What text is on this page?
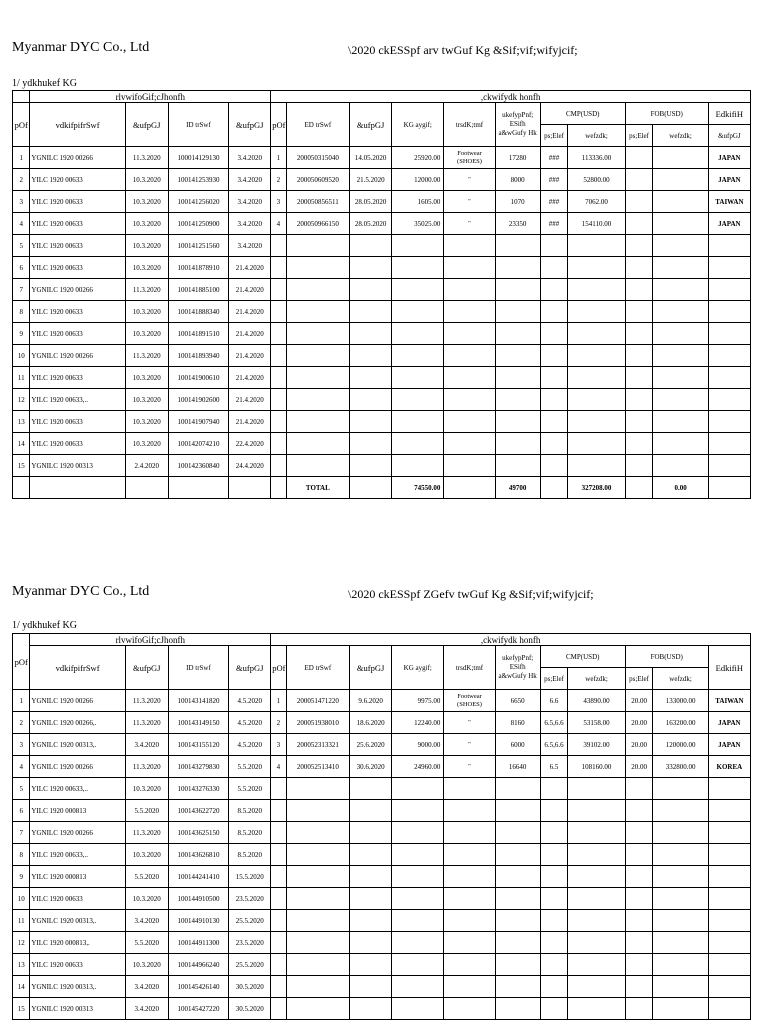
Myanmar DYC Co., Ltd	\2020 ckESSpf arv twGuf Kg &Sif;vif;wifyjcif;
1/ ydkhukef KG
	rlvwifoGif;cJhonfh				,ckwifydk honfh										
pOf	vdkifpifrSwf	&ufpGJ	ID trSwf	&ufpGJ	pOf	ED trSwf	&ufpGJ	KG aygif;	trsdK;tmf	ukefypPnf;
ESifh a&wGufy Hk	CMP(USD)		FOB(USD)		EdkifiH
											ps;Elef	wefzdk;	ps;Elef	wefzdk;	&ufpGJ
1	YGNILC 1920 00266	11.3.2020	100014129130	3.4.2020	1	200050315040	14.05.2020	25920.00	Footwear (SHOES)	17280	###	113336.00			JAPAN
2	YILC 1920 00633	10.3.2020	100141253930	3.4.2020	2	200050609520	21.5.2020	12000.00	"	8000	###	52800.00			JAPAN
3	YILC 1920 00633	10.3.2020	100141256020	3.4.2020	3	200050856511	28.05.2020	1605.00	"	1070	###	7062.00			TAIWAN
4	YILC 1920 00633	10.3.2020	100141250900	3.4.2020	4	200050966150	28.05.2020	35025.00	"	23350	###	154110.00			JAPAN
5	YILC 1920 00633	10.3.2020	100141251560	3.4.2020											
6	YILC 1920 00633	10.3.2020	100141878910	21.4.2020											
7	YGNILC 1920 00266	11.3.2020	100141885100	21.4.2020											
8	YILC 1920 00633	10.3.2020	100141888340	21.4.2020											
9	YILC 1920 00633	10.3.2020	100141891510	21.4.2020											
10	YGNILC 1920 00266	11.3.2020	100141893940	21.4.2020											
11	YILC 1920 00633	10.3.2020	100141900610	21.4.2020											
12	YILC 1920 00633,..	10.3.2020	100141902600	21.4.2020											
13	YILC 1920 00633	10.3.2020	100141907940	21.4.2020											
14	YILC 1920 00633	10.3.2020	100142074210	22.4.2020											
15	YGNILC 1920 00313	2.4.2020	100142360840	24.4.2020											
						TOTAL		74550.00		49700		327208.00		0.00	
Myanmar DYC Co., Ltd	\2020 ckESSpf ZGefv twGuf Kg &Sif;vif;wifyjcif;
1/ ydkhukef KG
pOf	rlvwifoGif;cJhonfh				,ckwifydk honfh										
	vdkifpifrSwf	&ufpGJ	ID trSwf	&ufpGJ	pOf	ED trSwf	&ufpGJ	KG aygif;	trsdK;tmf	ukefypPnf;
ESifh a&wGufy Hk	CMP(USD)		FOB(USD)		EdkifiH
											ps;Elef	wefzdk;	ps;Elef	wefzdk;	
1	YGNILC 1920 00266	11.3.2020	100143141820	4.5.2020	1	200051471220	9.6.2020	9975.00	Footwear (SHOES)	6650	6.6	43890.00	20.00	133000.00	TAIWAN
2	YGNILC 1920 00266,.	11.3.2020	100143149150	4.5.2020	2	200051938010	18.6.2020	12240.00	"	8160	6.5,6.6	53158.00	20.00	163200.00	JAPAN
3	YGNILC 1920 00313,.	3.4.2020	100143155120	4.5.2020	3	200052313321	25.6.2020	9000.00	"	6000	6.5,6.6	39102.00	20.00	120000.00	JAPAN
4	YGNILC 1920 00266	11.3.2020	100143279830	5.5.2020	4	200052513410	30.6.2020	24960.00	"	16640	6.5	108160.00	20.00	332800.00	KOREA
5	YILC 1920 00633,..	10.3.2020	100143276330	5.5.2020											
6	YILC 1920 000813	5.5.2020	100143622720	8.5.2020											
7	YGNILC 1920 00266	11.3.2020	100143625150	8.5.2020											
8	YILC 1920 00633,..	10.3.2020	100143626810	8.5.2020											
9	YILC 1920 000813	5.5.2020	100144241410	15.5.2020											
10	YILC 1920 00633	10.3.2020	100144910500	23.5.2020											
11	YGNILC 1920 00313,.	3.4.2020	100144910130	25.5.2020											
12	YILC 1920 000813,.	5.5.2020	100144911300	23.5.2020											
13	YILC 1920 00633	10.3.2020	100144966240	25.5.2020											
14	YGNILC 1920 00313,.	3.4.2020	100145426140	30.5.2020											
15	YGNILC 1920 00313	3.4.2020	100145427220	30.5.2020											
